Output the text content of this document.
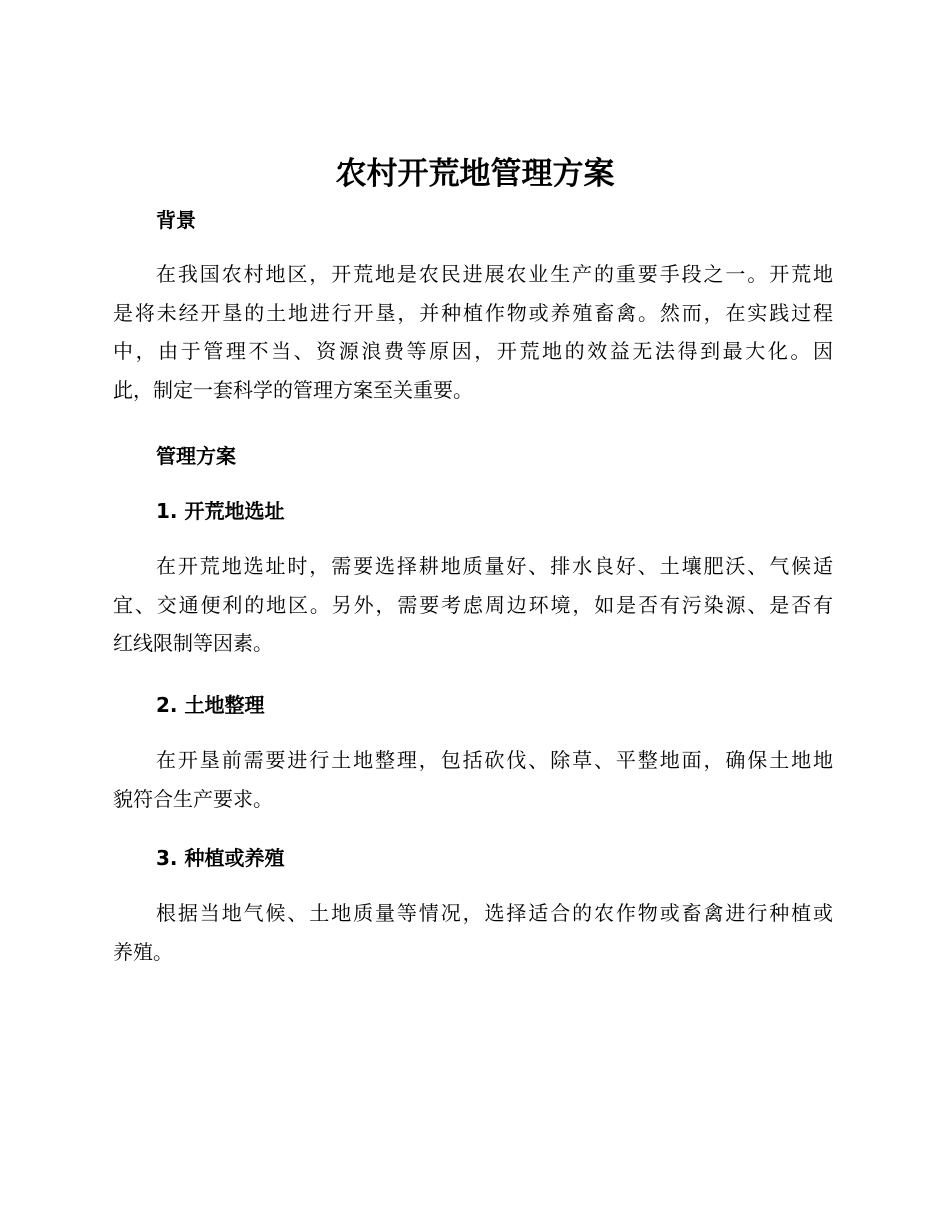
农村开荒地管理方案
背景
在我国农村地区，开荒地是农民进展农业生产的重要手段之一。开荒地
是将未经开垦的土地进行开垦，并种植作物或养殖畜禽。然而，在实践过程
中，由于管理不当、资源浪费等原因，开荒地的效益无法得到最大化。因
此，制定一套科学的管理方案至关重要。
管理方案
1. 开荒地选址
在开荒地选址时，需要选择耕地质量好、排水良好、土壤肥沃、气候适
宜、交通便利的地区。另外，需要考虑周边环境，如是否有污染源、是否有
红线限制等因素。
2. 土地整理
在开垦前需要进行土地整理，包括砍伐、除草、平整地面，确保土地地
貌符合生产要求。
3. 种植或养殖
根据当地气候、土地质量等情况，选择适合的农作物或畜禽进行种植或
养殖。
